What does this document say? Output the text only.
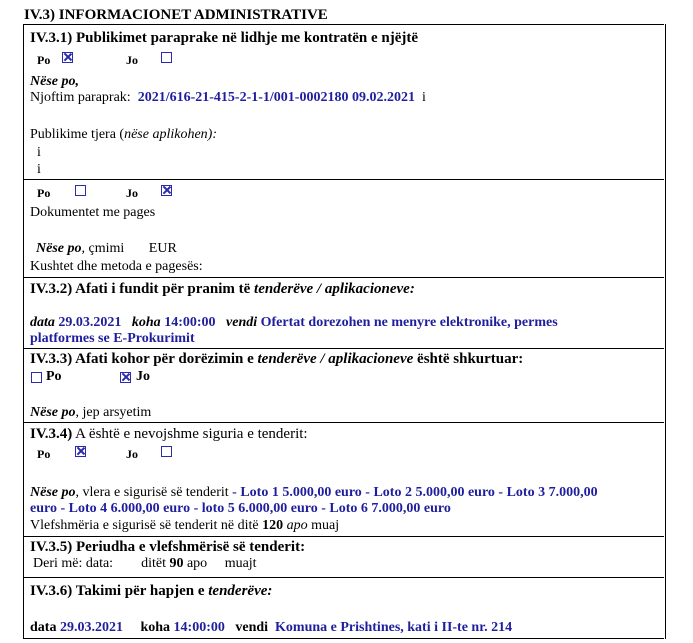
IV.3) INFORMACIONET ADMINISTRATIVE
IV.3.1) Publikimet paraprake në lidhje me kontratën e njëjtë
Po	Jo
Nëse po,
Njoftim paraprak: 2021/616-21-415-2-1-1/001-0002180 09.02.2021 i
Publikime tjera (nëse aplikohen):
i
i
Po	Jo
Dokumentet me pages
Nëse po, çmimi EUR
Kushtet dhe metoda e pagesës:
IV.3.2) Afati i fundit për pranim të tenderëve / aplikacioneve:
data 29.03.2021 koha 14:00:00 vendi Ofertat dorezohen ne menyre elektronike, permes
platformes se E-Prokurimit
IV.3.3) Afati kohor për dorëzimin e tenderëve / aplikacioneve është shkurtuar:
Po	Jo
Nëse po, jep arsyetim
IV.3.4) A është e nevojshme siguria e tenderit:
Po	Jo
Nëse po, vlera e sigurisë së tenderit - Loto 1 5.000,00 euro - Loto 2 5.000,00 euro - Loto 3 7.000,00
euro - Loto 4 6.000,00 euro - loto 5 6.000,00 euro - Loto 6 7.000,00 euro
Vlefshmëria e sigurisë së tenderit në ditë 120 apo muaj
IV.3.5) Periudha e vlefshmërisë së tenderit:
Deri më: data: ditët 90 apo muajt
IV.3.6) Takimi për hapjen e tenderëve:
data 29.03.2021 koha 14:00:00 vendi Komuna e Prishtines, kati i II-te nr. 214
